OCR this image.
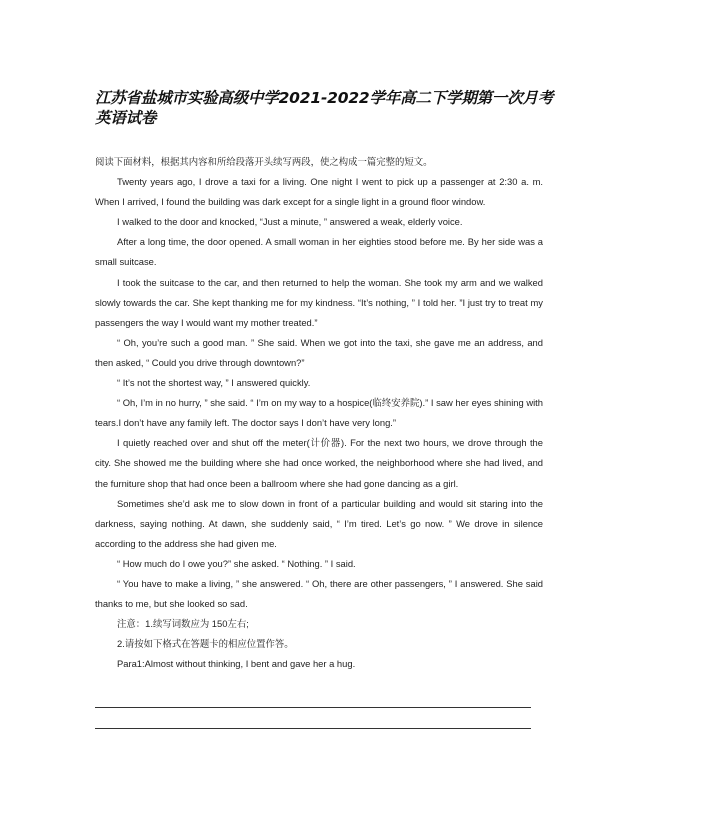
江苏省盐城市实验高级中学2021-2022学年高二下学期第一次月考英语试卷

阅读下面材料，根据其内容和所给段落开头续写两段，使之构成一篇完整的短文。

Twenty years ago, I drove a taxi for a living. One night I went to pick up a passenger at 2:30 a. m. When I arrived, I found the building was dark except for a single light in a ground floor window.

I walked to the door and knocked, “Just a minute, ” answered a weak, elderly voice.

After a long time, the door opened. A small woman in her eighties stood before me. By her side was a small suitcase.

I took the suitcase to the car, and then returned to help the woman. She took my arm and we walked slowly towards the car. She kept thanking me for my kindness. “It’s nothing, ” I told her. ”I just try to treat my passengers the way I would want my mother treated.”

“ Oh, you’re such a good man. ” She said. When we got into the taxi, she gave me an address, and then asked, “ Could you drive through downtown?”

“ It’s not the shortest way, ” I answered quickly.

“ Oh, I’m in no hurry, ” she said. “ I’m on my way to a hospice(临终安养院).” I saw her eyes shining with tears.I don’t have any family left. The doctor says I don’t have very long.”

I quietly reached over and shut off the meter(计价器). For the next two hours, we drove through the city. She showed me the building where she had once worked, the neighborhood where she had lived, and the furniture shop that had once been a ballroom where she had gone dancing as a girl.

Sometimes she’d ask me to slow down in front of a particular building and would sit staring into the darkness, saying nothing. At dawn, she suddenly said, “ I’m tired. Let’s go now. ” We drove in silence according to the address she had given me.

“ How much do I owe you?” she asked. “ Nothing. ” I said.

“ You have to make a living, ” she answered. “ Oh, there are other passengers, ” I answered. She said thanks to me, but she looked so sad.

注意：1.续写词数应为 150左右;

2.请按如下格式在答题卡的相应位置作答。

Para1:Almost without thinking, I bent and gave her a hug.
